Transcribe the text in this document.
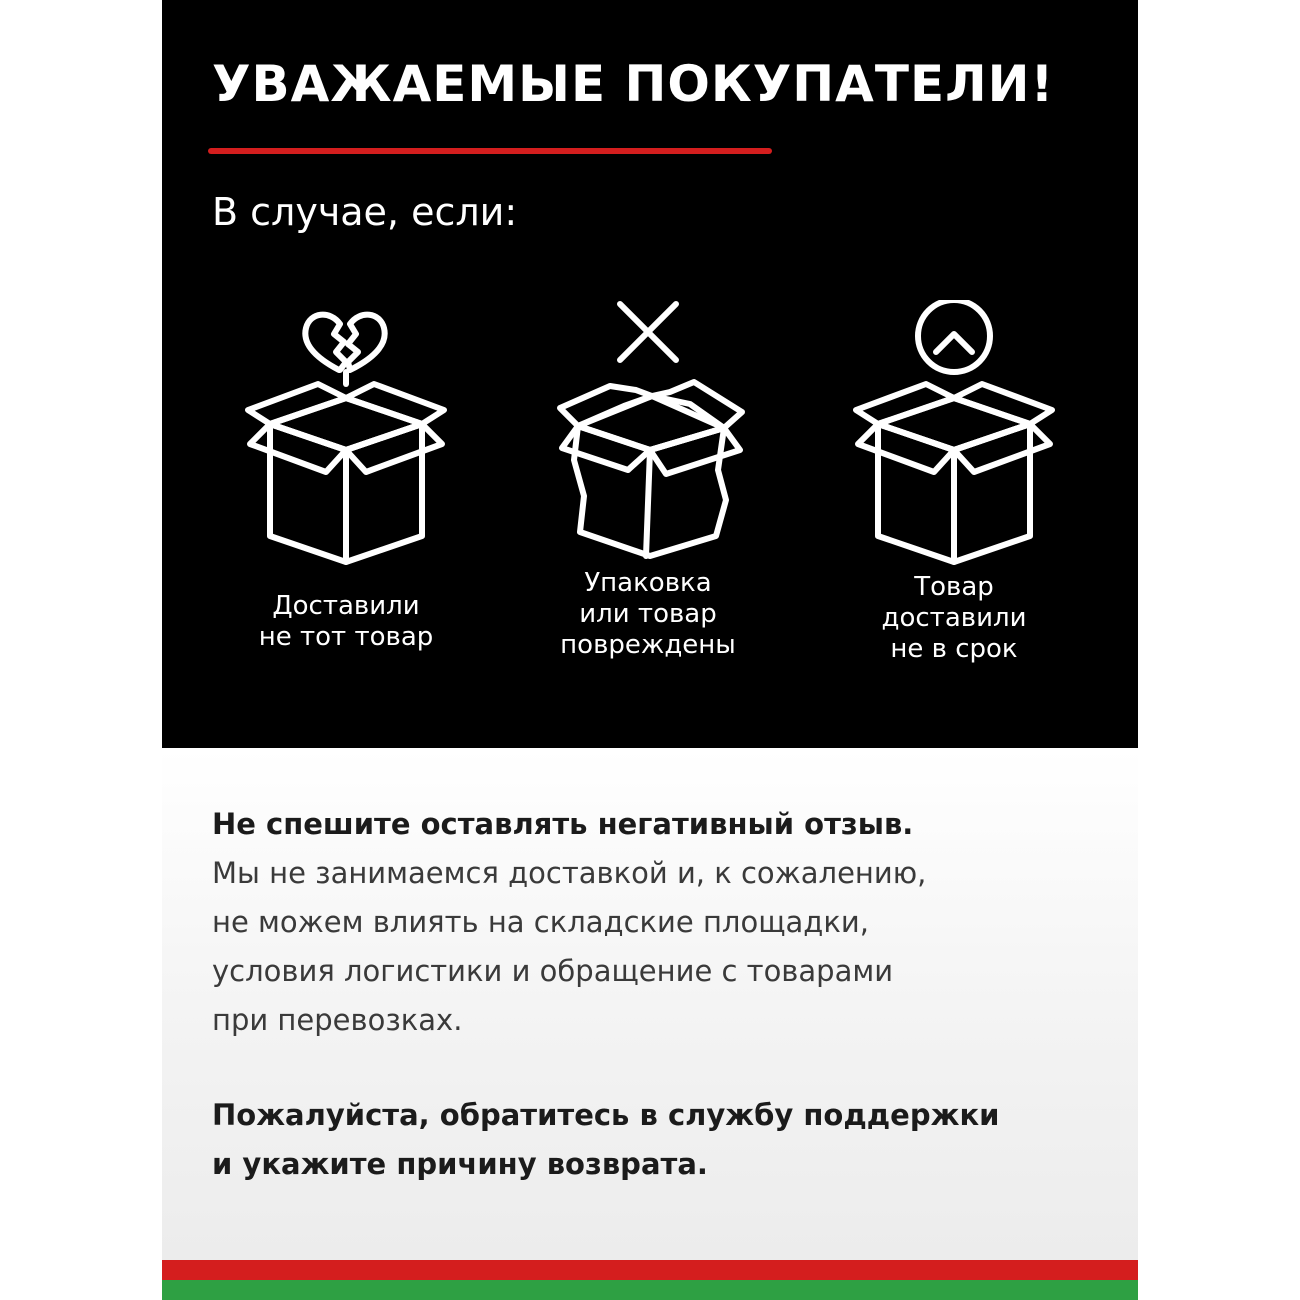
УВАЖАЕМЫЕ ПОКУПАТЕЛИ!
В случае, если:
Доставили
не тот товар
Упаковка
или товар
повреждены
Товар
доставили
не в срок
Не спешите оставлять негативный отзыв.
Мы не занимаемся доставкой и, к сожалению,
не можем влиять на складские площадки,
условия логистики и обращение с товарами
при перевозках.
Пожалуйста, обратитесь в службу поддержки
и укажите причину возврата.
